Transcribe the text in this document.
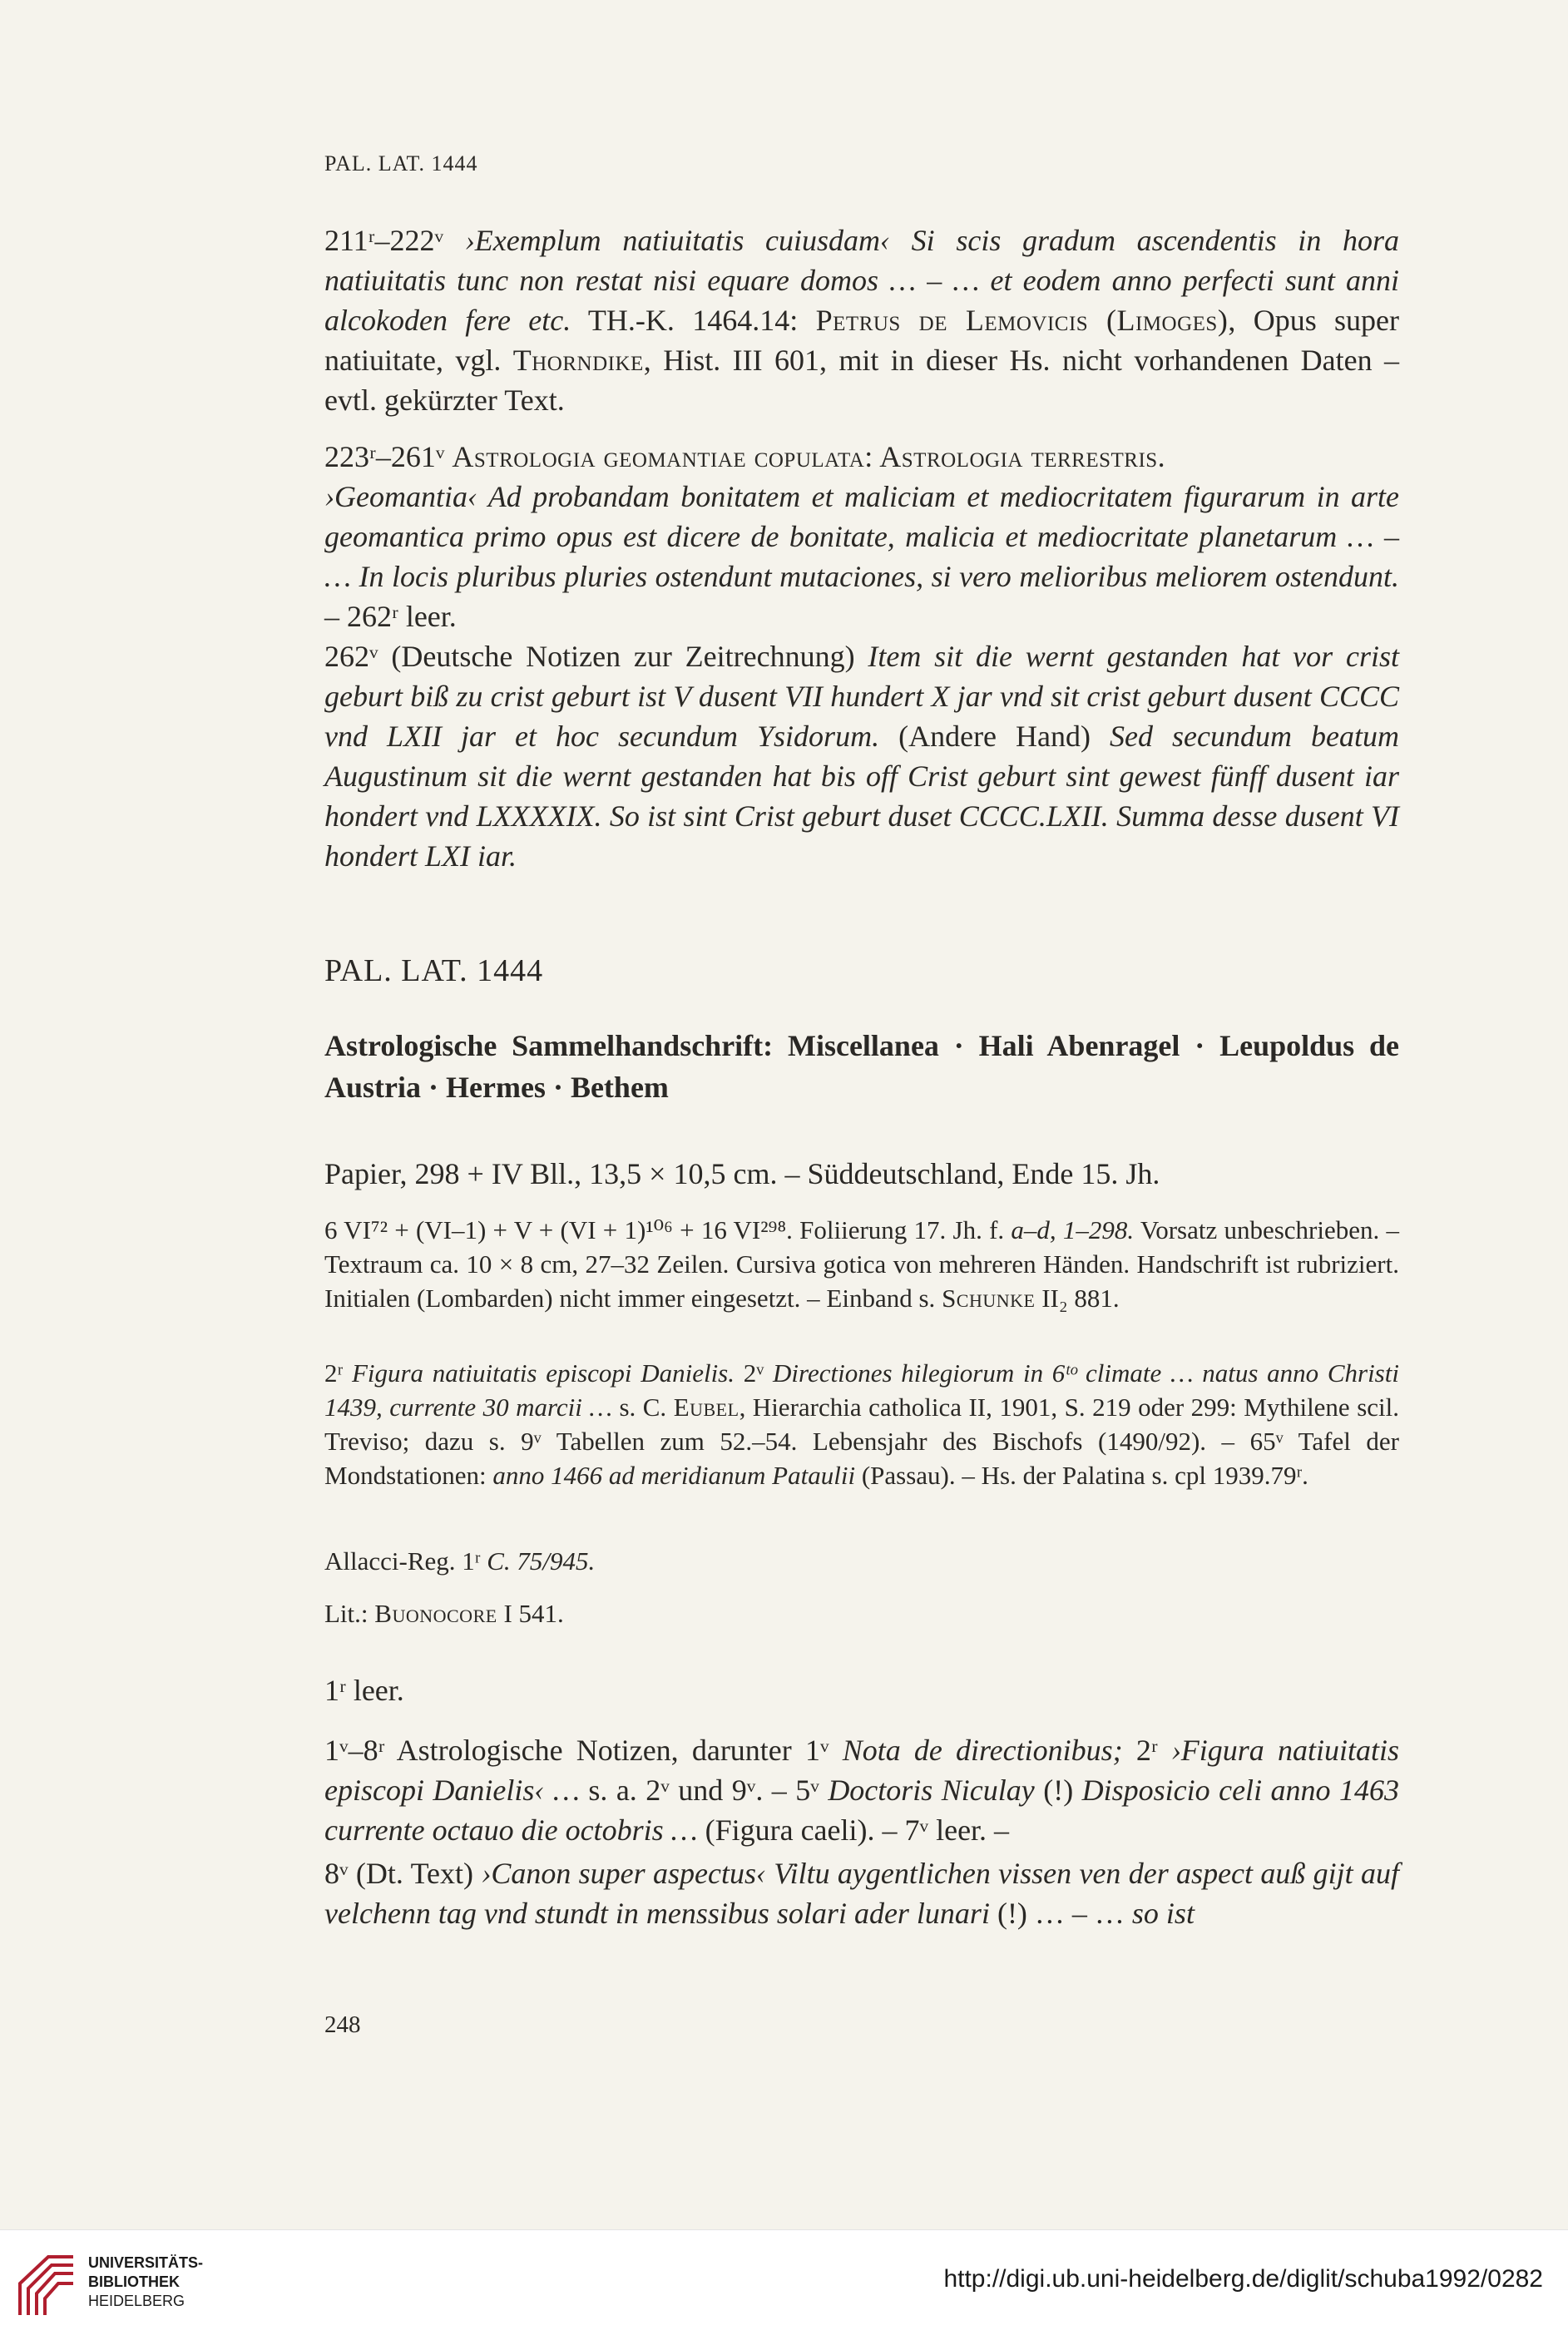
PAL. LAT. 1444

211ʳ–222ᵛ ›Exemplum natiuitatis cuiusdam‹ Si scis gradum ascendentis in hora natiuitatis tunc non restat nisi equare domos … – … et eodem anno perfecti sunt anni alcokoden fere etc. TH.-K. 1464.14: Petrus de Lemovicis (Limoges), Opus super natiuitate, vgl. Thorndike, Hist. III 601, mit in dieser Hs. nicht vorhandenen Daten – evtl. gekürzter Text.

223ʳ–261ᵛ Astrologia geomantiae copulata: Astrologia terrestris.

›Geomantia‹ Ad probandam bonitatem et maliciam et mediocritatem figurarum in arte geomantica primo opus est dicere de bonitate, malicia et mediocritate planetarum … – … In locis pluribus pluries ostendunt mutaciones, si vero melioribus meliorem ostendunt. – 262ʳ leer.

262ᵛ (Deutsche Notizen zur Zeitrechnung) Item sit die wernt gestanden hat vor crist geburt biß zu crist geburt ist V dusent VII hundert X jar vnd sit crist geburt dusent CCCC vnd LXII jar et hoc secundum Ysidorum. (Andere Hand) Sed secundum beatum Augustinum sit die wernt gestanden hat bis off Crist geburt sint gewest fünff dusent iar hondert vnd LXXXXIX. So ist sint Crist geburt duset CCCC.LXII. Summa desse dusent VI hondert LXI iar.

PAL. LAT. 1444
Astrologische Sammelhandschrift: Miscellanea · Hali Abenragel · Leupoldus de Austria · Hermes · Bethem
Papier, 298 + IV Bll., 13,5 × 10,5 cm. – Süddeutschland, Ende 15. Jh.
6 VI⁷² + (VI–1) + V + (VI + 1)¹⁰⁶ + 16 VI²⁹⁸. Foliierung 17. Jh. f. a–d, 1–298. Vorsatz unbeschrieben. – Textraum ca. 10 × 8 cm, 27–32 Zeilen. Cursiva gotica von mehreren Händen. Handschrift ist rubriziert. Initialen (Lombarden) nicht immer eingesetzt. – Einband s. Schunke II₂ 881.
2ʳ Figura natiuitatis episcopi Danielis. 2ᵛ Directiones hilegiorum in 6ᵗᵒ climate … natus anno Christi 1439, currente 30 marcii … s. C. Eubel, Hierarchia catholica II, 1901, S. 219 oder 299: Mythilene scil. Treviso; dazu s. 9ᵛ Tabellen zum 52.–54. Lebensjahr des Bischofs (1490/92). – 65ᵛ Tafel der Mondstationen: anno 1466 ad meridianum Pataulii (Passau). – Hs. der Palatina s. cpl 1939.79ʳ.
Allacci-Reg. 1ʳ C. 75/945.
Lit.: Buonocore I 541.
1ʳ leer.
1ᵛ–8ʳ Astrologische Notizen, darunter 1ᵛ Nota de directionibus; 2ʳ ›Figura natiuitatis episcopi Danielis‹ … s. a. 2ᵛ und 9ᵛ. – 5ᵛ Doctoris Niculay (!) Disposicio celi anno 1463 currente octauo die octobris … (Figura caeli). – 7ᵛ leer. –
8ᵛ (Dt. Text) ›Canon super aspectus‹ Viltu aygentlichen vissen ven der aspect auß gijt auf velchenn tag vnd stundt in menssibus solari ader lunari (!) … – … so ist
248
UNIVERSITÄTS-
BIBLIOTHEK
HEIDELBERG
http://digi.ub.uni-heidelberg.de/diglit/schuba1992/0282
